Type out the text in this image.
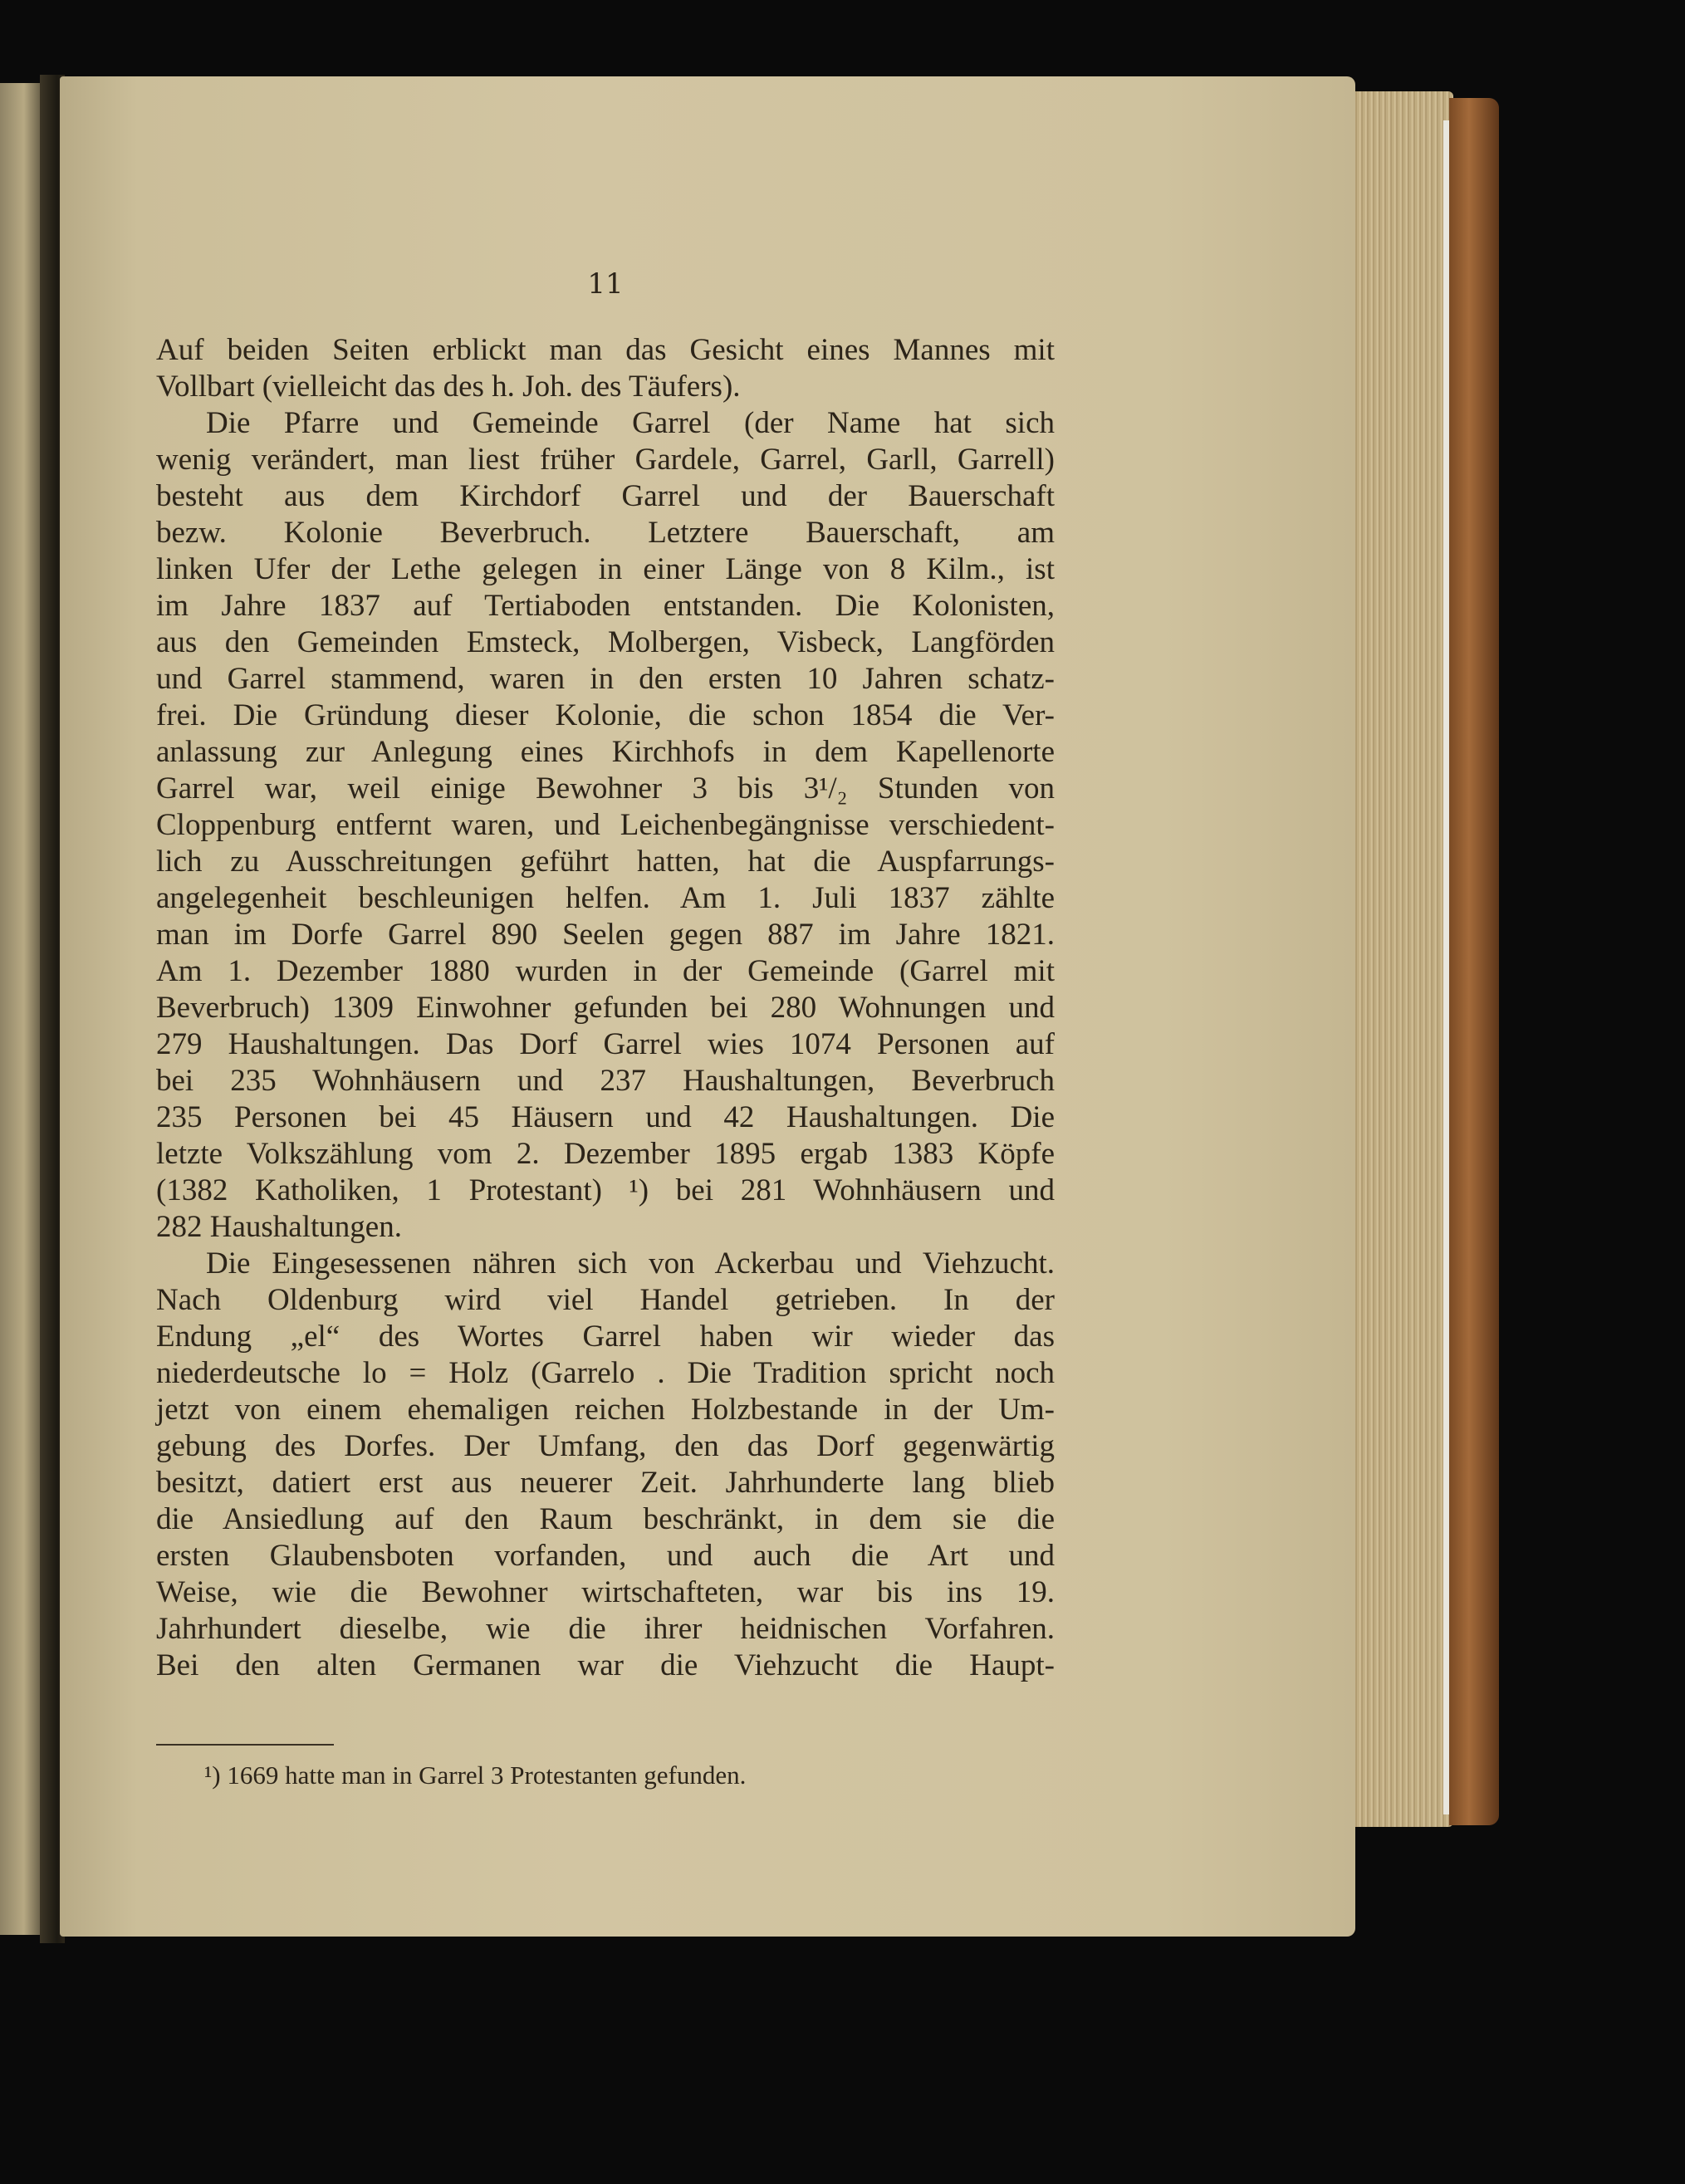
11
Auf beiden Seiten erblickt man das Gesicht eines Mannes mit
Vollbart (vielleicht das des h. Joh. des Täufers).
Die Pfarre und Gemeinde Garrel (der Name hat sich
wenig verändert, man liest früher Gardele, Garrel, Garll, Garrell)
besteht aus dem Kirchdorf Garrel und der Bauerschaft
bezw. Kolonie Beverbruch. Letztere Bauerschaft, am
linken Ufer der Lethe gelegen in einer Länge von 8 Kilm., ist
im Jahre 1837 auf Tertiaboden entstanden. Die Kolonisten,
aus den Gemeinden Emsteck, Molbergen, Visbeck, Langförden
und Garrel stammend, waren in den ersten 10 Jahren schatz-
frei. Die Gründung dieser Kolonie, die schon 1854 die Ver-
anlassung zur Anlegung eines Kirchhofs in dem Kapellenorte
Garrel war, weil einige Bewohner 3 bis 3¹/₂ Stunden von
Cloppenburg entfernt waren, und Leichenbegängnisse verschiedent-
lich zu Ausschreitungen geführt hatten, hat die Auspfarrungs-
angelegenheit beschleunigen helfen. Am 1. Juli 1837 zählte
man im Dorfe Garrel 890 Seelen gegen 887 im Jahre 1821.
Am 1. Dezember 1880 wurden in der Gemeinde (Garrel mit
Beverbruch) 1309 Einwohner gefunden bei 280 Wohnungen und
279 Haushaltungen. Das Dorf Garrel wies 1074 Personen auf
bei 235 Wohnhäusern und 237 Haushaltungen, Beverbruch
235 Personen bei 45 Häusern und 42 Haushaltungen. Die
letzte Volkszählung vom 2. Dezember 1895 ergab 1383 Köpfe
(1382 Katholiken, 1 Protestant) ¹) bei 281 Wohnhäusern und
282 Haushaltungen.
Die Eingesessenen nähren sich von Ackerbau und Viehzucht.
Nach Oldenburg wird viel Handel getrieben. In der
Endung „el“ des Wortes Garrel haben wir wieder das
niederdeutsche lo = Holz (Garrelo . Die Tradition spricht noch
jetzt von einem ehemaligen reichen Holzbestande in der Um-
gebung des Dorfes. Der Umfang, den das Dorf gegenwärtig
besitzt, datiert erst aus neuerer Zeit. Jahrhunderte lang blieb
die Ansiedlung auf den Raum beschränkt, in dem sie die
ersten Glaubensboten vorfanden, und auch die Art und
Weise, wie die Bewohner wirtschafteten, war bis ins 19.
Jahrhundert dieselbe, wie die ihrer heidnischen Vorfahren.
Bei den alten Germanen war die Viehzucht die Haupt-
¹) 1669 hatte man in Garrel 3 Protestanten gefunden.
